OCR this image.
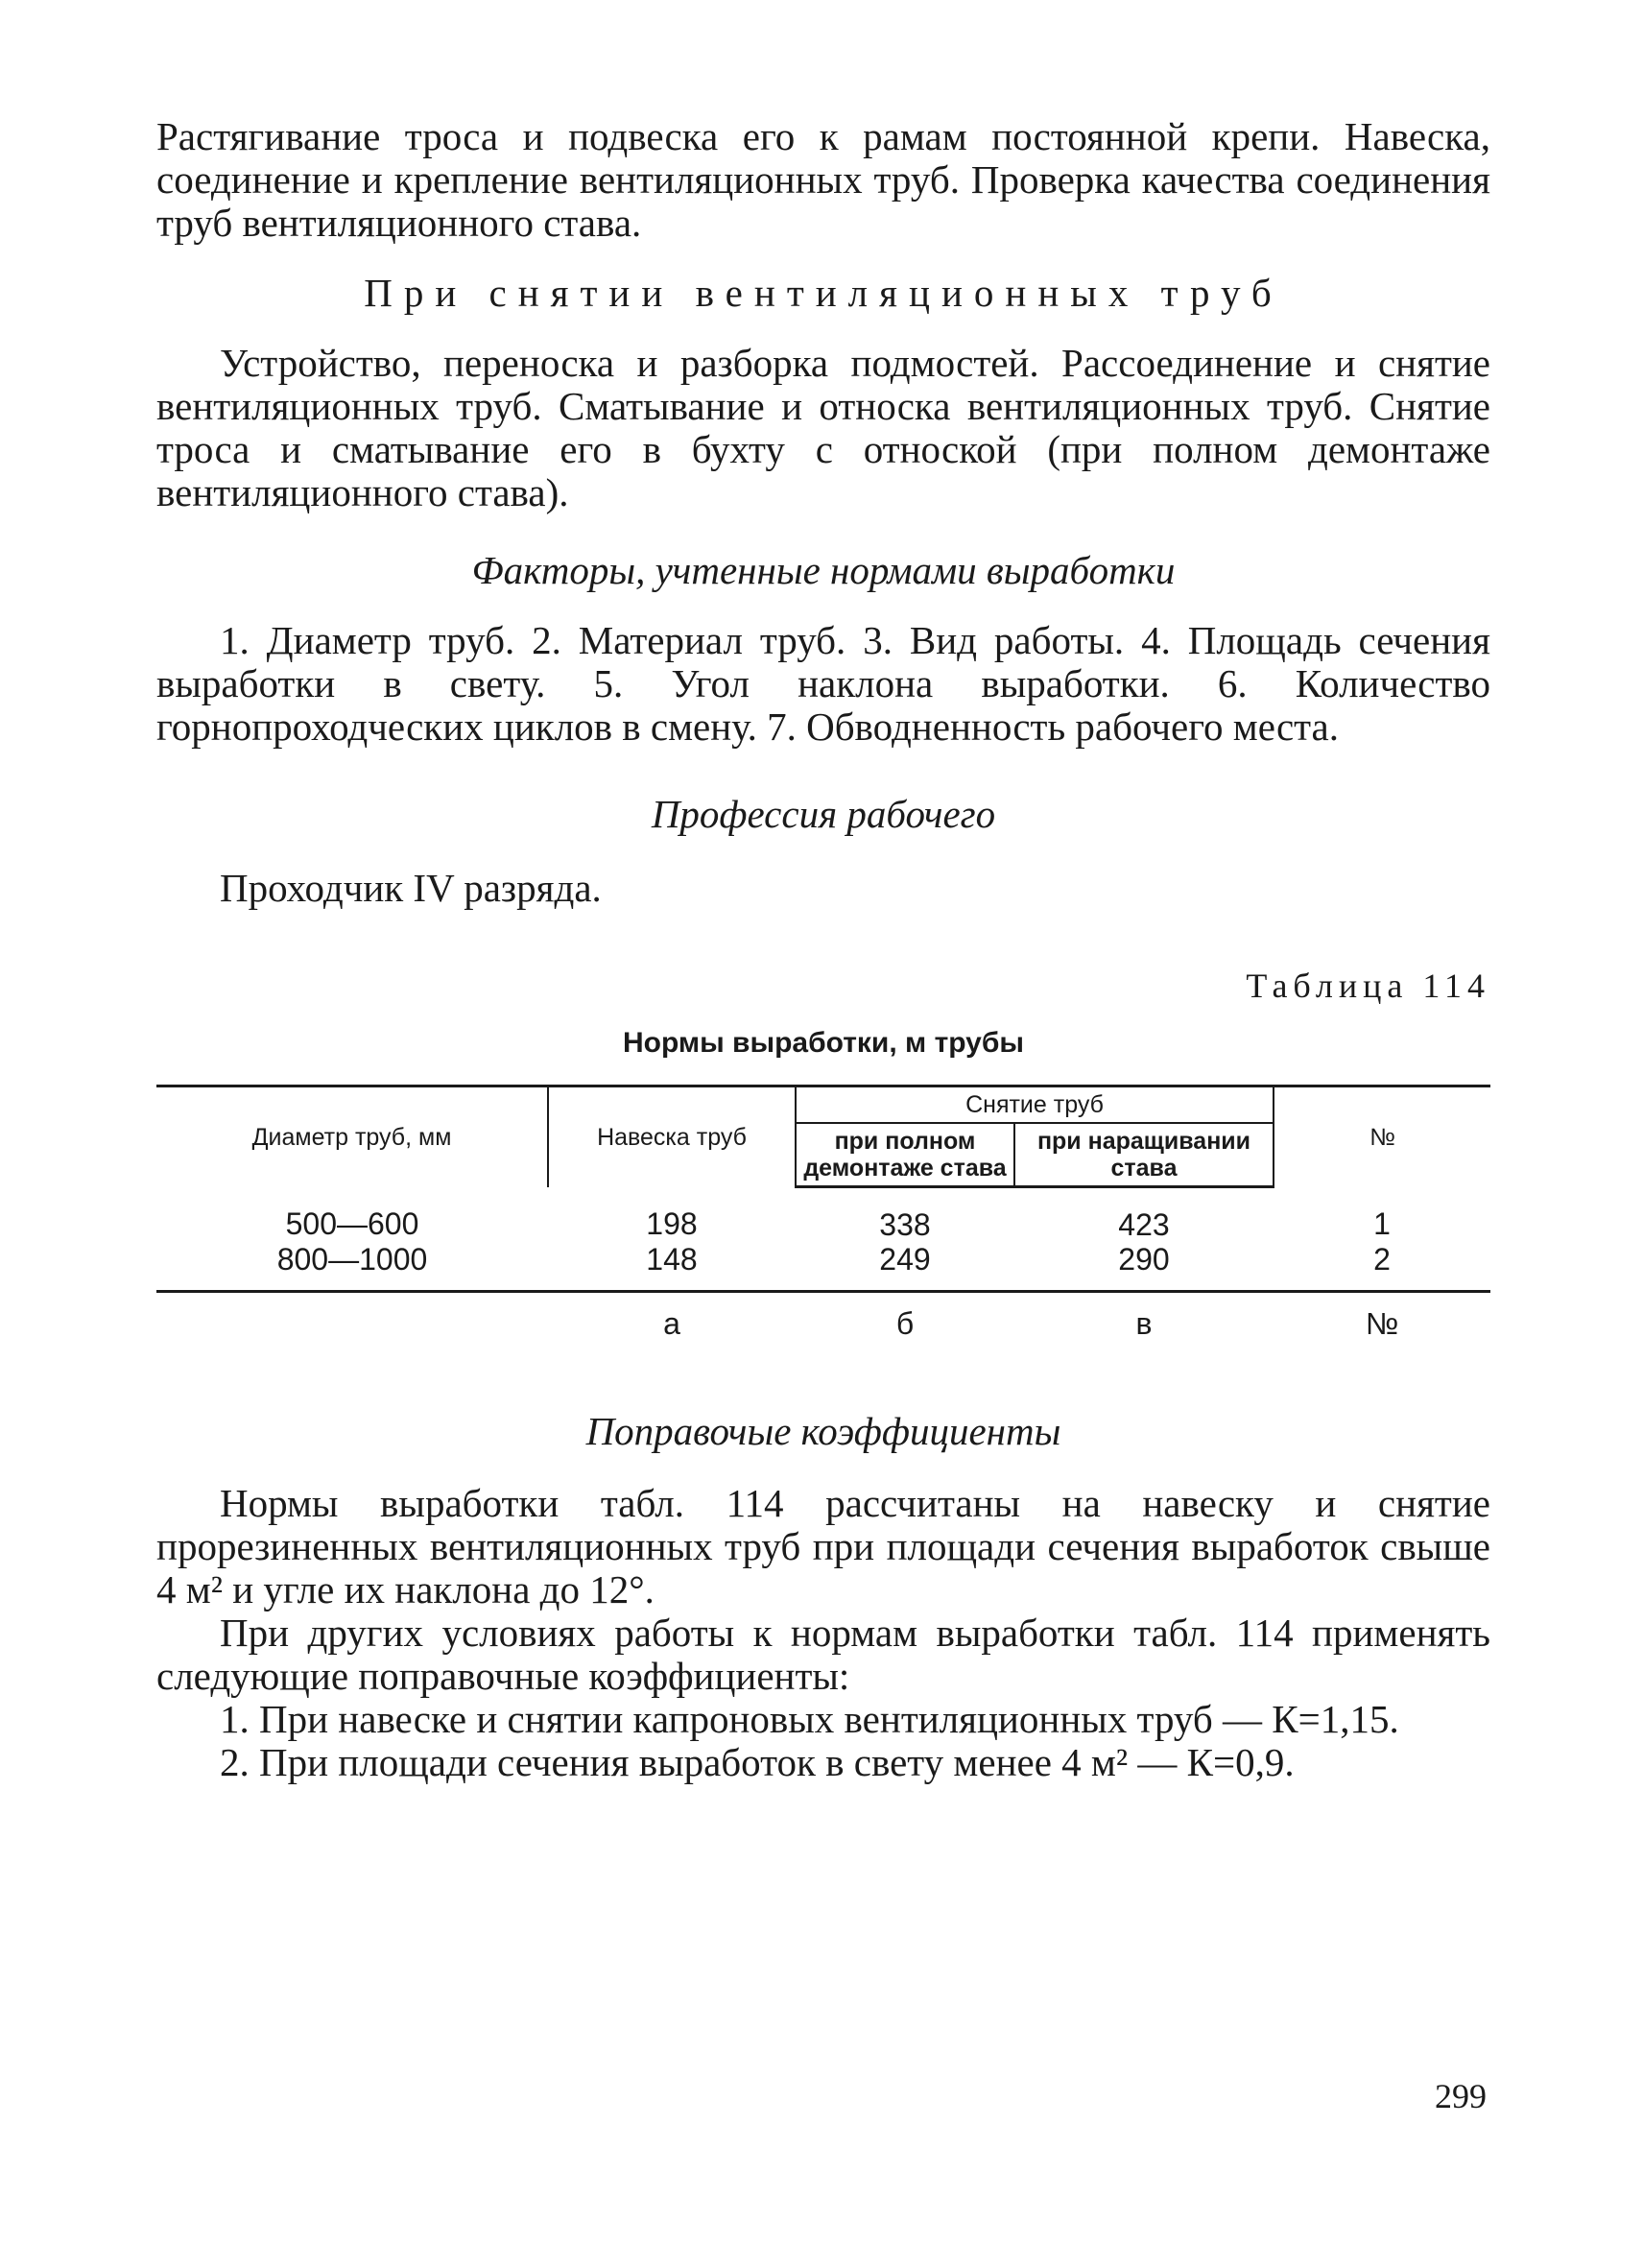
Растягивание троса и подвеска его к рамам постоянной крепи. Навеска, соединение и крепление вентиляционных труб. Проверка качества соединения труб вентиляционного става.

При снятии вентиляционных труб

Устройство, переноска и разборка подмостей. Рассоединение и снятие вентиляционных труб. Сматывание и относка вентиляционных труб. Снятие троса и сматывание его в бухту с отноской (при полном демонтаже вентиляционного става).

Факторы, учтенные нормами выработки

1. Диаметр труб. 2. Материал труб. 3. Вид работы. 4. Площадь сечения выработки в свету. 5. Угол наклона выработки. 6. Количество горнопроходческих циклов в смену. 7. Обводненность рабочего места.

Профессия рабочего

Проходчик IV разряда.

Таблица 114

Нормы выработки, м трубы

Диаметр труб, мм	Навеска труб	Снятие труб		№
		при полном демонтаже става	при наращивании става	
500—600	198	338	423	1
800—1000	148	249	290	2
	а	б	в	№

Поправочые коэффициенты

Нормы выработки табл. 114 рассчитаны на навеску и снятие прорезиненных вентиляционных труб при площади сечения выработок свыше 4 м² и угле их наклона до 12°.

При других условиях работы к нормам выработки табл. 114 применять следующие поправочные коэффициенты:

1. При навеске и снятии капроновых вентиляционных труб — К=1,15.

2. При площади сечения выработок в свету менее 4 м² — К=0,9.

299
